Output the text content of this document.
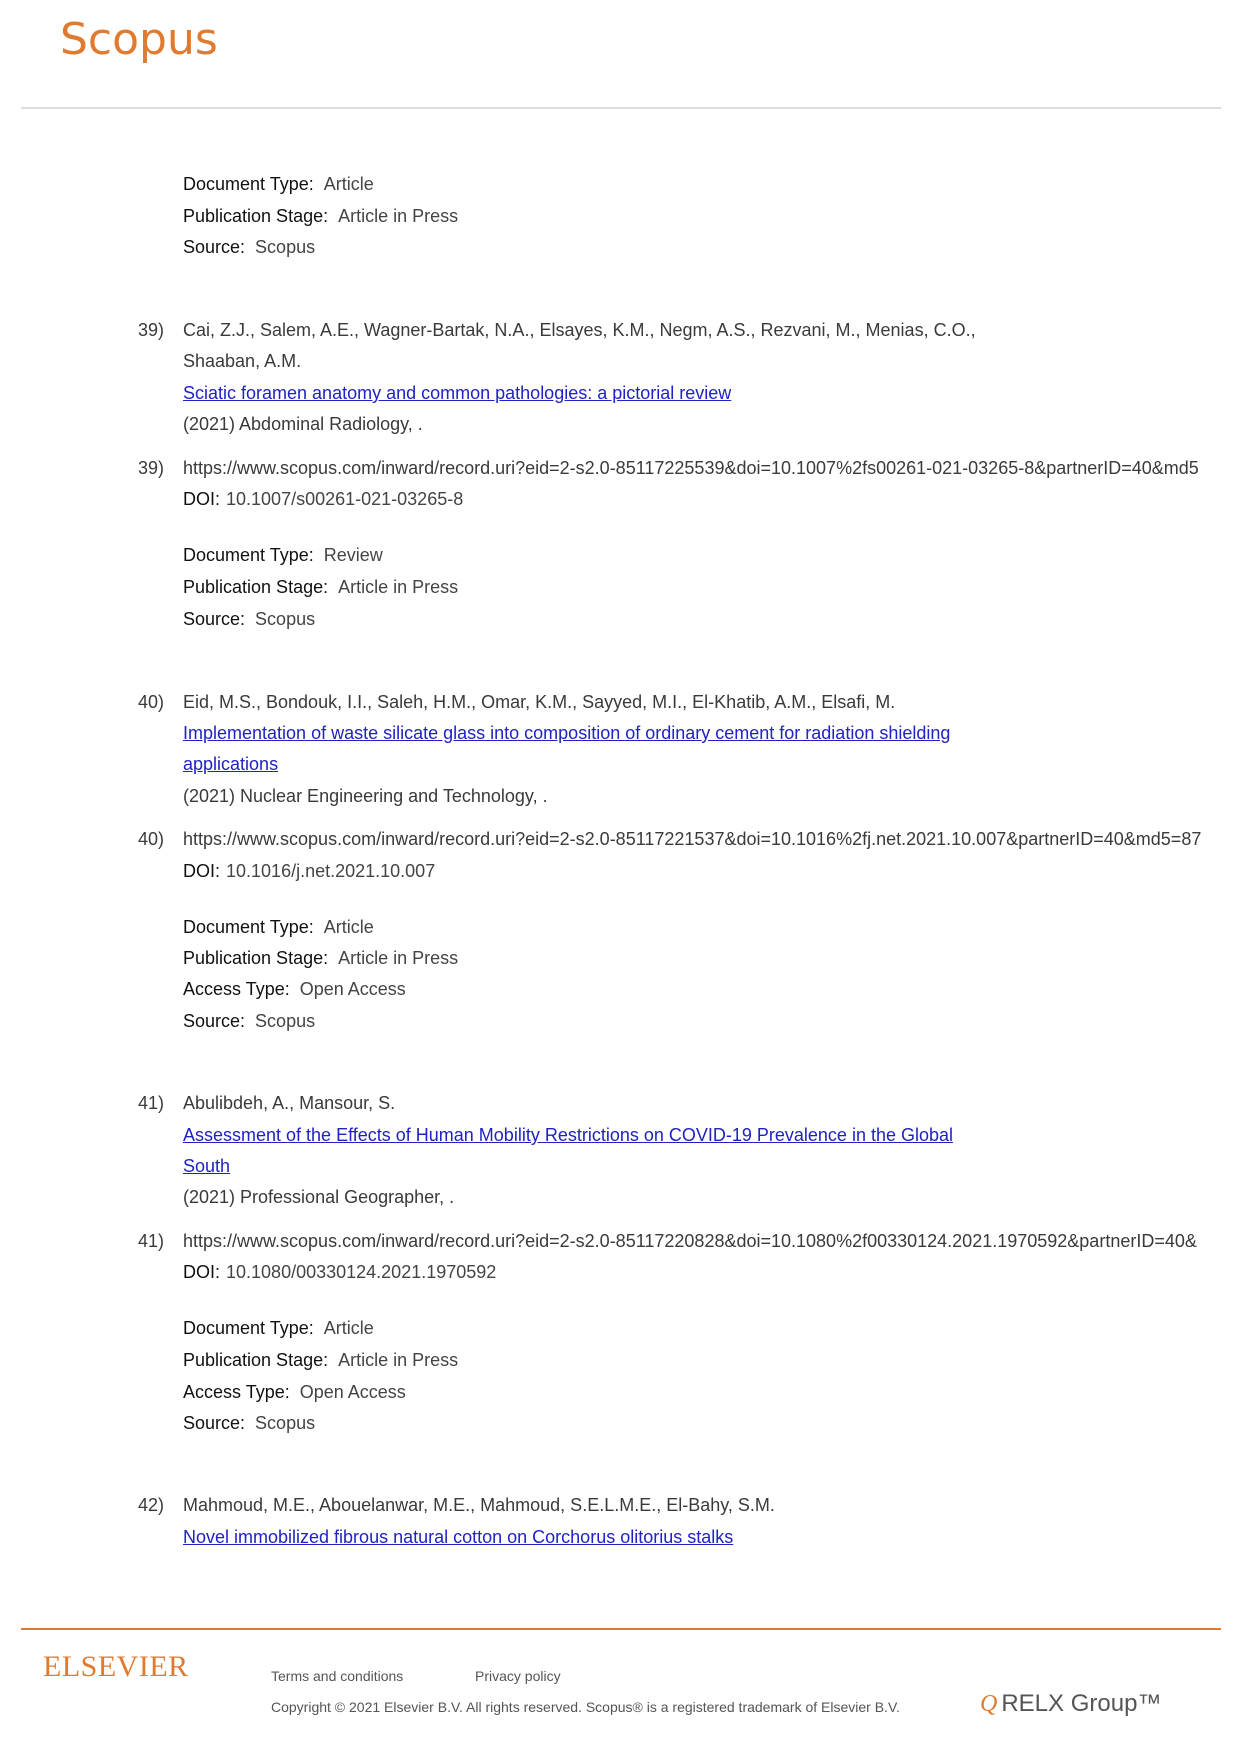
Scopus
Document Type: Article
Publication Stage: Article in Press
Source: Scopus
39) Cai, Z.J., Salem, A.E., Wagner-Bartak, N.A., Elsayes, K.M., Negm, A.S., Rezvani, M., Menias, C.O.,
Shaaban, A.M.
Sciatic foramen anatomy and common pathologies: a pictorial review
(2021) Abdominal Radiology, .
39) https://www.scopus.com/inward/record.uri?eid=2-s2.0-85117225539&doi=10.1007%2fs00261-021-03265-8&partnerID=40&md5
DOI: 10.1007/s00261-021-03265-8
Document Type: Review
Publication Stage: Article in Press
Source: Scopus
40) Eid, M.S., Bondouk, I.I., Saleh, H.M., Omar, K.M., Sayyed, M.I., El-Khatib, A.M., Elsafi, M.
Implementation of waste silicate glass into composition of ordinary cement for radiation shielding
applications
(2021) Nuclear Engineering and Technology, .
40) https://www.scopus.com/inward/record.uri?eid=2-s2.0-85117221537&doi=10.1016%2fj.net.2021.10.007&partnerID=40&md5=87
DOI: 10.1016/j.net.2021.10.007
Document Type: Article
Publication Stage: Article in Press
Access Type: Open Access
Source: Scopus
41) Abulibdeh, A., Mansour, S.
Assessment of the Effects of Human Mobility Restrictions on COVID-19 Prevalence in the Global
South
(2021) Professional Geographer, .
41) https://www.scopus.com/inward/record.uri?eid=2-s2.0-85117220828&doi=10.1080%2f00330124.2021.1970592&partnerID=40&
DOI: 10.1080/00330124.2021.1970592
Document Type: Article
Publication Stage: Article in Press
Access Type: Open Access
Source: Scopus
42) Mahmoud, M.E., Abouelanwar, M.E., Mahmoud, S.E.L.M.E., El-Bahy, S.M.
Novel immobilized fibrous natural cotton on Corchorus olitorius stalks
ELSEVIER	Terms and conditions	Privacy policy
Copyright © 2021 Elsevier B.V. All rights reserved. Scopus® is a registered trademark of Elsevier B.V.	Q RELX Group™
